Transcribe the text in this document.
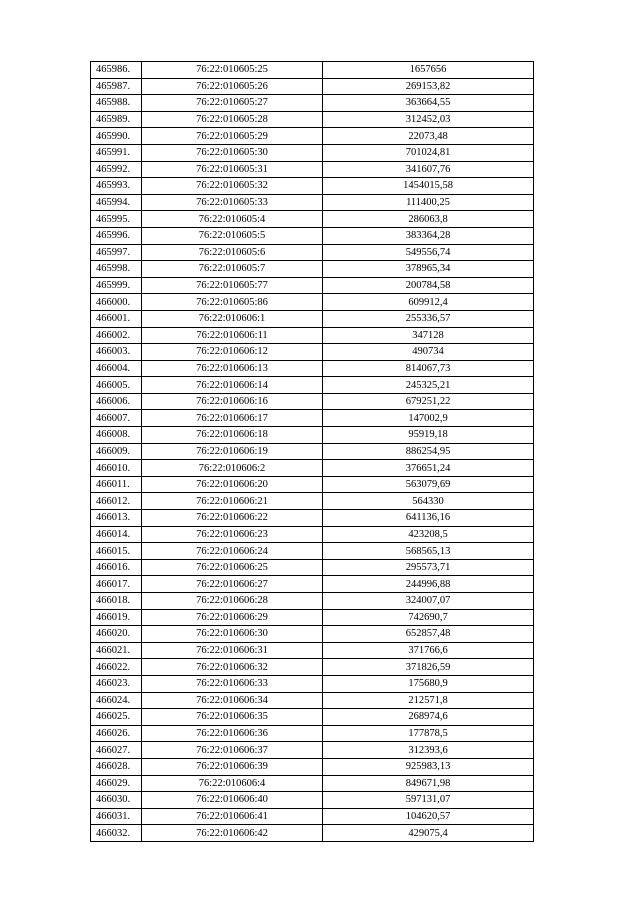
465986.	76:22:010605:25	1657656
465987.	76:22:010605:26	269153,82
465988.	76:22:010605:27	363664,55
465989.	76:22:010605:28	312452,03
465990.	76:22:010605:29	22073,48
465991.	76:22:010605:30	701024,81
465992.	76:22:010605:31	341607,76
465993.	76:22:010605:32	1454015,58
465994.	76:22:010605:33	111400,25
465995.	76:22:010605:4	286063,8
465996.	76:22:010605:5	383364,28
465997.	76:22:010605:6	549556,74
465998.	76:22:010605:7	378965,34
465999.	76:22:010605:77	200784,58
466000.	76:22:010605:86	609912,4
466001.	76:22:010606:1	255336,57
466002.	76:22:010606:11	347128
466003.	76:22:010606:12	490734
466004.	76:22:010606:13	814067,73
466005.	76:22:010606:14	245325,21
466006.	76:22:010606:16	679251,22
466007.	76:22:010606:17	147002,9
466008.	76:22:010606:18	95919,18
466009.	76:22:010606:19	886254,95
466010.	76:22:010606:2	376651,24
466011.	76:22:010606:20	563079,69
466012.	76:22:010606:21	564330
466013.	76:22:010606:22	641136,16
466014.	76:22:010606:23	423208,5
466015.	76:22:010606:24	568565,13
466016.	76:22:010606:25	295573,71
466017.	76:22:010606:27	244996,88
466018.	76:22:010606:28	324007,07
466019.	76:22:010606:29	742690,7
466020.	76:22:010606:30	652857,48
466021.	76:22:010606:31	371766,6
466022.	76:22:010606:32	371826,59
466023.	76:22:010606:33	175680,9
466024.	76:22:010606:34	212571,8
466025.	76:22:010606:35	268974,6
466026.	76:22:010606:36	177878,5
466027.	76:22:010606:37	312393,6
466028.	76:22:010606:39	925983,13
466029.	76:22:010606:4	849671,98
466030.	76:22:010606:40	597131,07
466031.	76:22:010606:41	104620,57
466032.	76:22:010606:42	429075,4
